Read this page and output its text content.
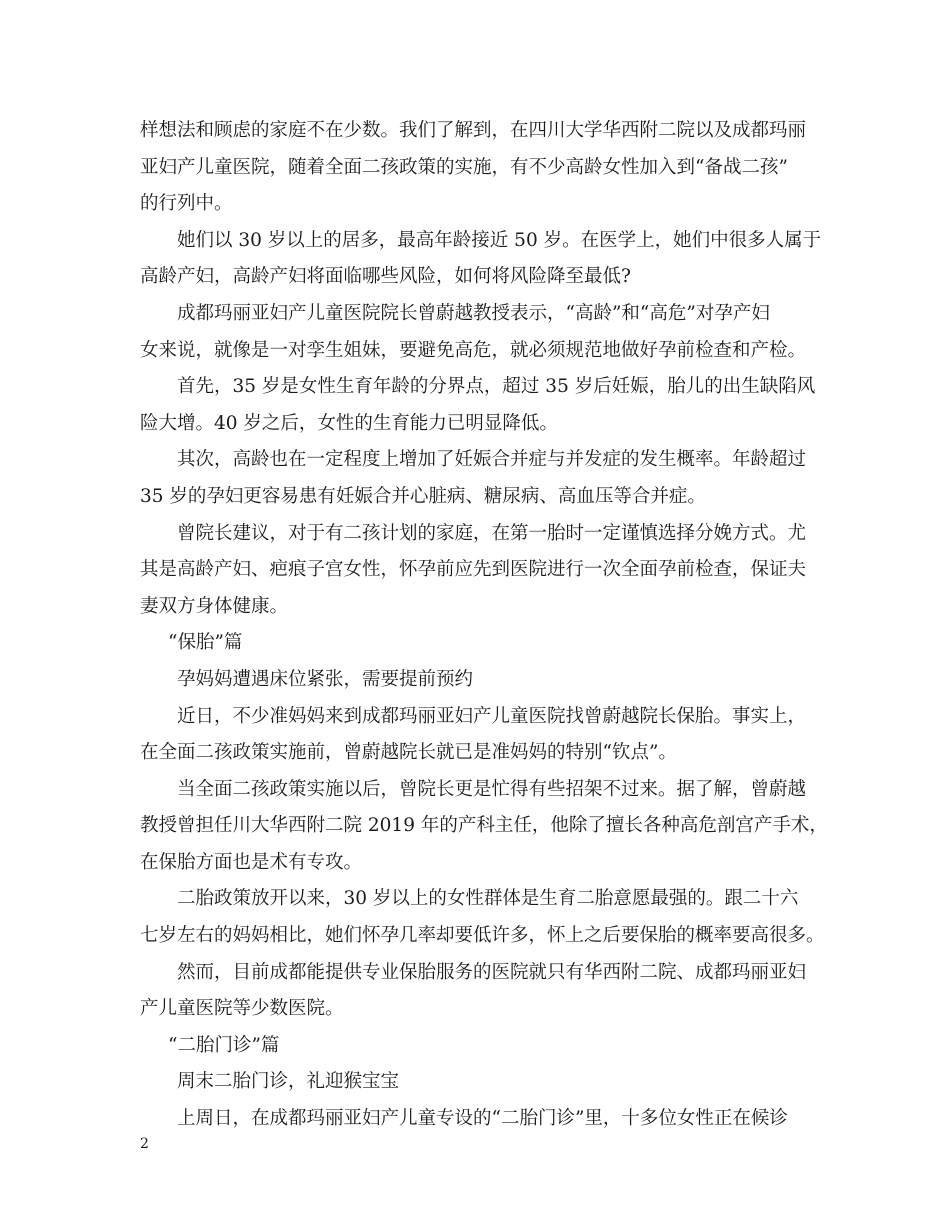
样想法和顾虑的家庭不在少数。我们了解到，在四川大学华西附二院以及成都玛丽
亚妇产儿童医院，随着全面二孩政策的实施，有不少高龄女性加入到“备战二孩”
的行列中。
她们以 30 岁以上的居多，最高年龄接近 50 岁。在医学上，她们中很多人属于
高龄产妇，高龄产妇将面临哪些风险，如何将风险降至最低?
成都玛丽亚妇产儿童医院院长曾蔚越教授表示，“高龄”和“高危”对孕产妇
女来说，就像是一对孪生姐妹，要避免高危，就必须规范地做好孕前检查和产检。
首先，35 岁是女性生育年龄的分界点，超过 35 岁后妊娠，胎儿的出生缺陷风
险大增。40 岁之后，女性的生育能力已明显降低。
其次，高龄也在一定程度上增加了妊娠合并症与并发症的发生概率。年龄超过
35 岁的孕妇更容易患有妊娠合并心脏病、糖尿病、高血压等合并症。
曾院长建议，对于有二孩计划的家庭，在第一胎时一定谨慎选择分娩方式。尤
其是高龄产妇、疤痕子宫女性，怀孕前应先到医院进行一次全面孕前检查，保证夫
妻双方身体健康。
“保胎”篇
孕妈妈遭遇床位紧张，需要提前预约
近日，不少准妈妈来到成都玛丽亚妇产儿童医院找曾蔚越院长保胎。事实上，
在全面二孩政策实施前，曾蔚越院长就已是准妈妈的特别“钦点”。
当全面二孩政策实施以后，曾院长更是忙得有些招架不过来。据了解，曾蔚越
教授曾担任川大华西附二院 2019 年的产科主任，他除了擅长各种高危剖宫产手术，
在保胎方面也是术有专攻。
二胎政策放开以来，30 岁以上的女性群体是生育二胎意愿最强的。跟二十六
七岁左右的妈妈相比，她们怀孕几率却要低许多，怀上之后要保胎的概率要高很多。
然而，目前成都能提供专业保胎服务的医院就只有华西附二院、成都玛丽亚妇
产儿童医院等少数医院。
“二胎门诊”篇
周末二胎门诊，礼迎猴宝宝
上周日，在成都玛丽亚妇产儿童专设的“二胎门诊”里，十多位女性正在候诊
2
